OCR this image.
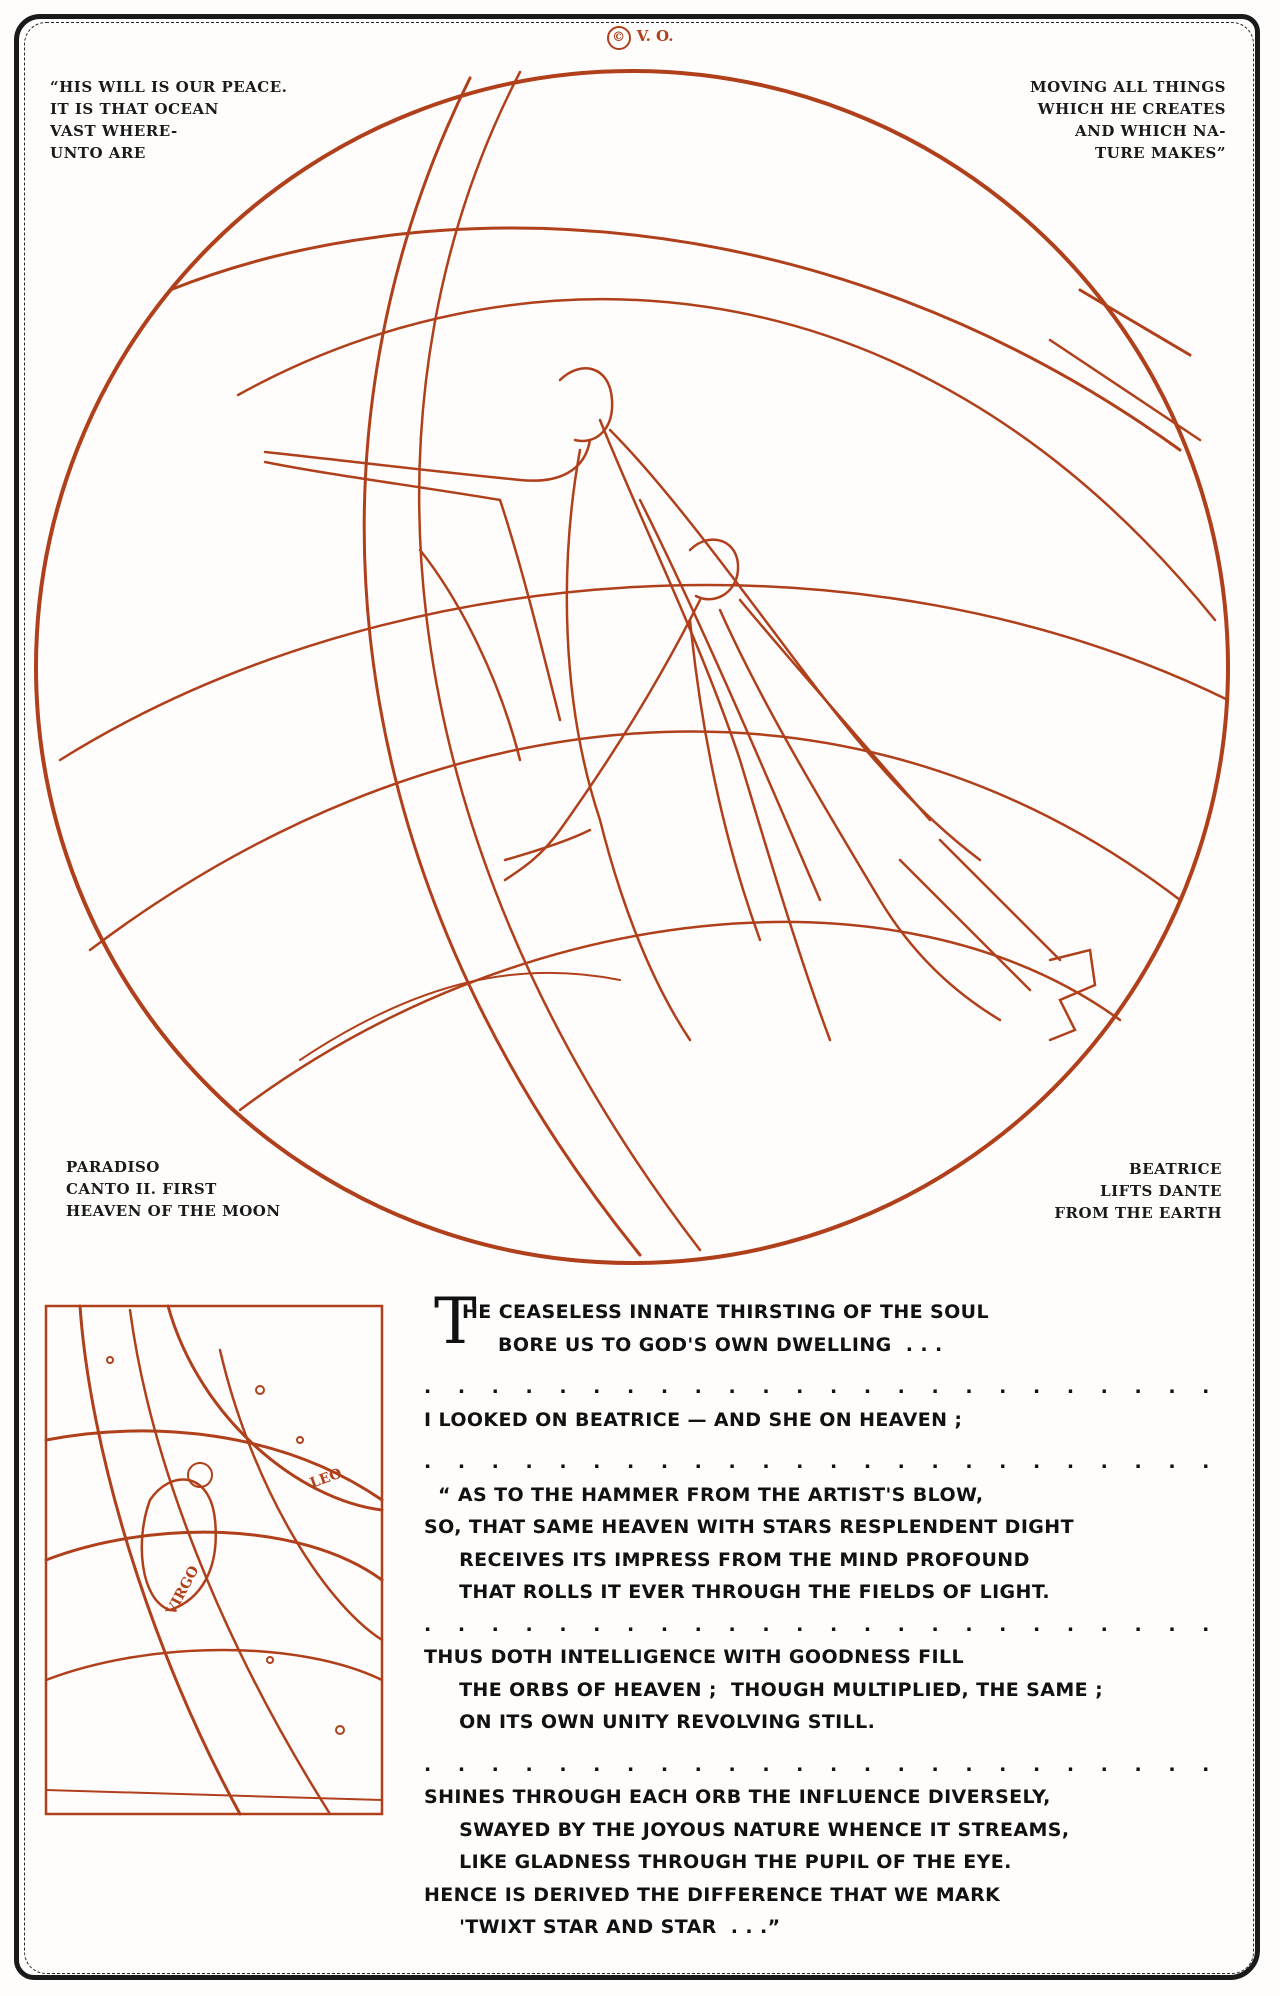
© V. O.
VIRGO
LEO
“HIS WILL IS OUR PEACE.
IT IS THAT OCEAN
VAST WHERE-
UNTO ARE
MOVING ALL THINGS
WHICH HE CREATES
AND WHICH NA-
TURE MAKES”
PARADISO
CANTO II. FIRST
HEAVEN OF THE MOON
BEATRICE
LIFTS DANTE
FROM THE EARTH
T
HE CEASELESS INNATE THIRSTING OF THE SOUL
BORE US TO GOD'S OWN DWELLING  . . .
. . . . . . . . . . . . . . . . . . . . . . . .
I LOOKED ON BEATRICE — AND SHE ON HEAVEN ;
. . . . . . . . . . . . . . . . . . . . . . . .
“ AS TO THE HAMMER FROM THE ARTIST'S BLOW,
SO, THAT SAME HEAVEN WITH STARS RESPLENDENT DIGHT
RECEIVES ITS IMPRESS FROM THE MIND PROFOUND
THAT ROLLS IT EVER THROUGH THE FIELDS OF LIGHT.
. . . . . . . . . . . . . . . . . . . . . . . .
THUS DOTH INTELLIGENCE WITH GOODNESS FILL
THE ORBS OF HEAVEN ;  THOUGH MULTIPLIED, THE SAME ;
ON ITS OWN UNITY REVOLVING STILL.
. . . . . . . . . . . . . . . . . . . . . . . .
SHINES THROUGH EACH ORB THE INFLUENCE DIVERSELY,
SWAYED BY THE JOYOUS NATURE WHENCE IT STREAMS,
LIKE GLADNESS THROUGH THE PUPIL OF THE EYE.
HENCE IS DERIVED THE DIFFERENCE THAT WE MARK
'TWIXT STAR AND STAR  . . .”
